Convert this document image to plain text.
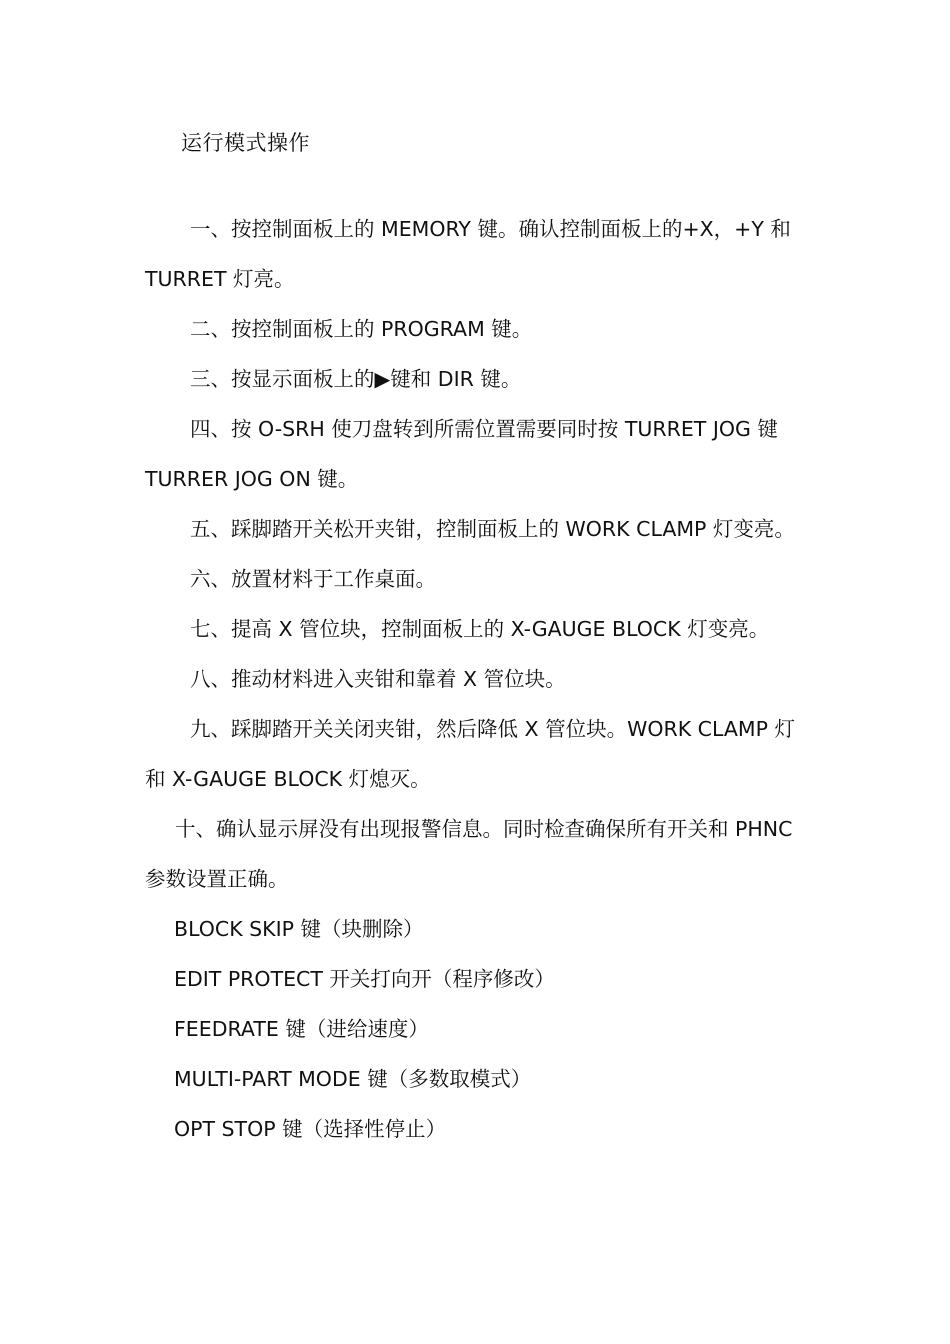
运行模式操作

一、按控制面板上的 MEMORY 键。确认控制面板上的+X，+Y 和 TURRET 灯亮。

二、按控制面板上的 PROGRAM 键。

三、按显示面板上的▶键和 DIR 键。

四、按 O-SRH 使刀盘转到所需位置需要同时按 TURRET JOG 键 TURRER JOG ON 键。

五、踩脚踏开关松开夹钳，控制面板上的 WORK CLAMP 灯变亮。

六、放置材料于工作桌面。

七、提高 X 管位块，控制面板上的 X-GAUGE BLOCK 灯变亮。

八、推动材料进入夹钳和靠着 X 管位块。

九、踩脚踏开关关闭夹钳，然后降低 X 管位块。WORK CLAMP 灯和 X-GAUGE BLOCK 灯熄灭。

十、确认显示屏没有出现报警信息。同时检查确保所有开关和 PHNC 参数设置正确。

BLOCK SKIP 键（块删除）

EDIT PROTECT 开关打向开（程序修改）

FEEDRATE 键（进给速度）

MULTI-PART MODE 键（多数取模式）

OPT STOP 键（选择性停止）
